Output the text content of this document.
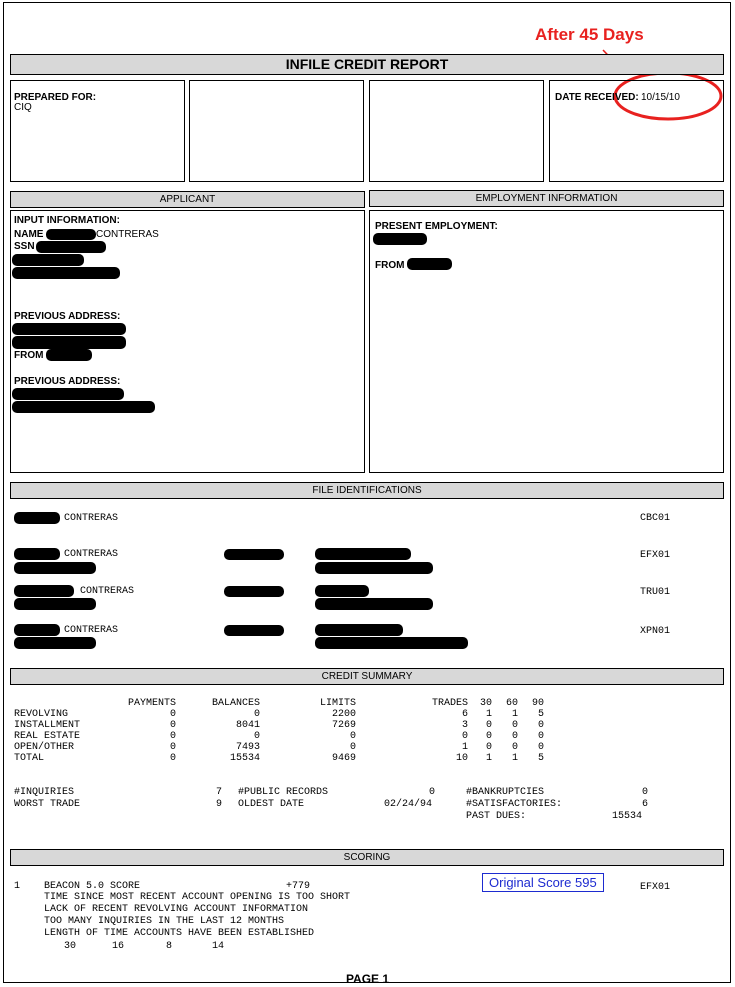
After 45 Days
INFILE CREDIT REPORT
PREPARED FOR:
CIQ
DATE RECEIVED: 10/15/10
APPLICANT	EMPLOYMENT INFORMATION
INPUT INFORMATION:
NAME	CONTRERAS
SSN
PREVIOUS ADDRESS:
FROM
PREVIOUS ADDRESS:
PRESENT EMPLOYMENT:
FROM
FILE IDENTIFICATIONS
CONTRERAS	CBC01
CONTRERAS	EFX01
CONTRERAS	TRU01
CONTRERAS	XPN01
CREDIT SUMMARY
	PAYMENTS	BALANCES	LIMITS	TRADES	30	60	90
REVOLVING	0	0	2200	6	1	1	5
INSTALLMENT	0	8041	7269	3	0	0	0
REAL ESTATE	0	0	0	0	0	0	0
OPEN/OTHER	0	7493	0	1	0	0	0
TOTAL	0	15534	9469	10	1	1	5
#INQUIRIES	7 #PUBLIC RECORDS	0	#BANKRUPTCIES	0
WORST TRADE	9 OLDEST DATE	02/24/94	#SATISFACTORIES:	6
PAST DUES:	15534
SCORING
1 BEACON 5.0 SCORE	+779	Original Score 595	EFX01
TIME SINCE MOST RECENT ACCOUNT OPENING IS TOO SHORT
LACK OF RECENT REVOLVING ACCOUNT INFORMATION
TOO MANY INQUIRIES IN THE LAST 12 MONTHS
LENGTH OF TIME ACCOUNTS HAVE BEEN ESTABLISHED
30	16	8	14
PAGE 1
